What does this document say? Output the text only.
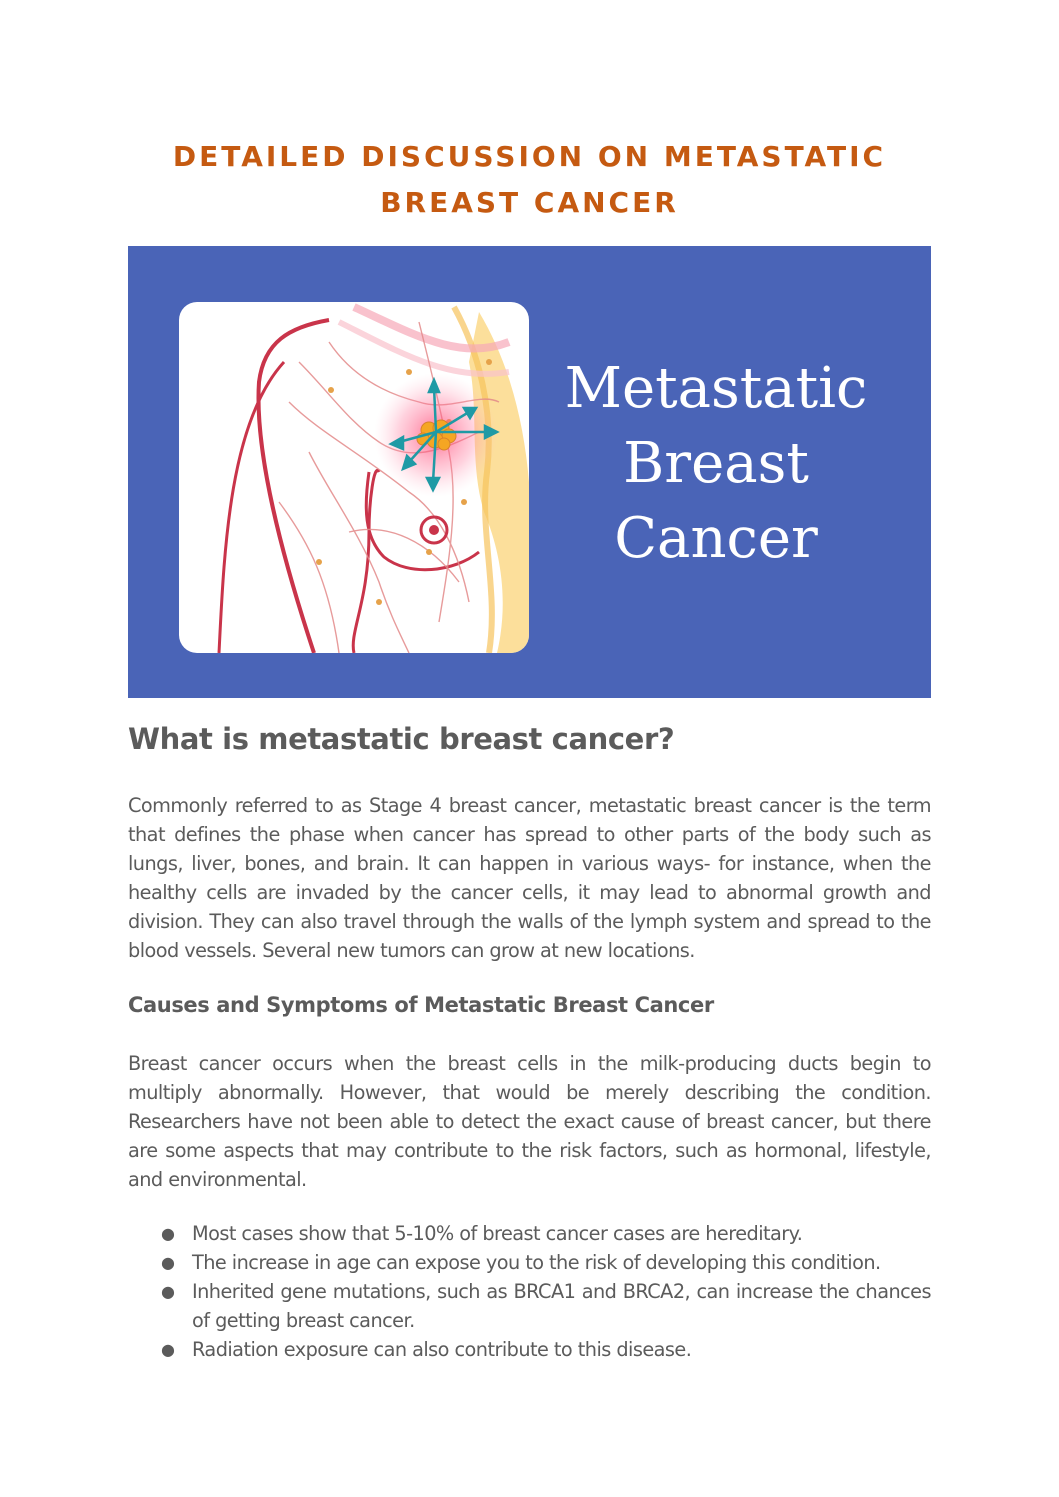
DETAILED DISCUSSION ON METASTATIC
BREAST CANCER
Metastatic
Breast
Cancer
What is metastatic breast cancer?

Commonly referred to as Stage 4 breast cancer, metastatic breast cancer is the term that defines the phase when cancer has spread to other parts of the body such as lungs, liver, bones, and brain. It can happen in various ways- for instance, when the healthy cells are invaded by the cancer cells, it may lead to abnormal growth and division. They can also travel through the walls of the lymph system and spread to the blood vessels. Several new tumors can grow at new locations.

Causes and Symptoms of Metastatic Breast Cancer

Breast cancer occurs when the breast cells in the milk-producing ducts begin to multiply abnormally. However, that would be merely describing the condition. Researchers have not been able to detect the exact cause of breast cancer, but there are some aspects that may contribute to the risk factors, such as hormonal, lifestyle, and environmental.

● Most cases show that 5-10% of breast cancer cases are hereditary.
● The increase in age can expose you to the risk of developing this condition.
● Inherited gene mutations, such as BRCA1 and BRCA2, can increase the chances of getting breast cancer.
● Radiation exposure can also contribute to this disease.
